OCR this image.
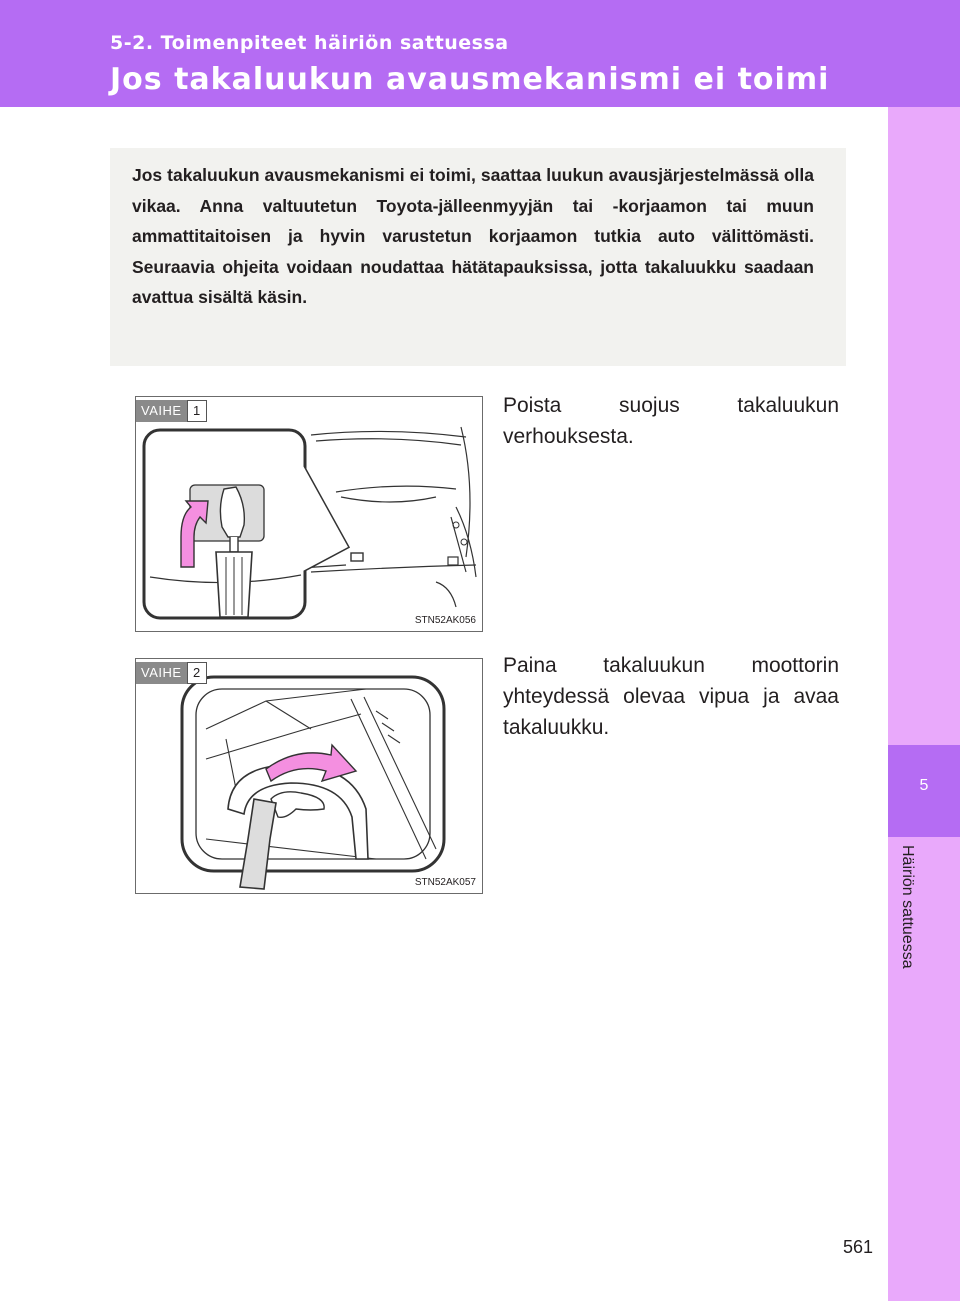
5-2. Toimenpiteet häiriön sattuessa
Jos takaluukun avausmekanismi ei toimi
5
Häiriön sattuessa

Jos takaluukun avausmekanismi ei toimi, saattaa luukun avausjärjestelmässä olla vikaa. Anna valtuutetun Toyota-jälleenmyyjän tai -korjaamon tai muun ammattitaitoisen ja hyvin varustetun korjaamon tutkia auto välittömästi. Seuraavia ohjeita voidaan noudattaa hätätapauksissa, jotta takaluukku saadaan avattua sisältä käsin.

VAIHE 1
STN52AK056

Poista suojus takaluukun verhouksesta.

VAIHE 2
STN52AK057

Paina takaluukun moottorin yhteydessä olevaa vipua ja avaa takaluukku.

561
